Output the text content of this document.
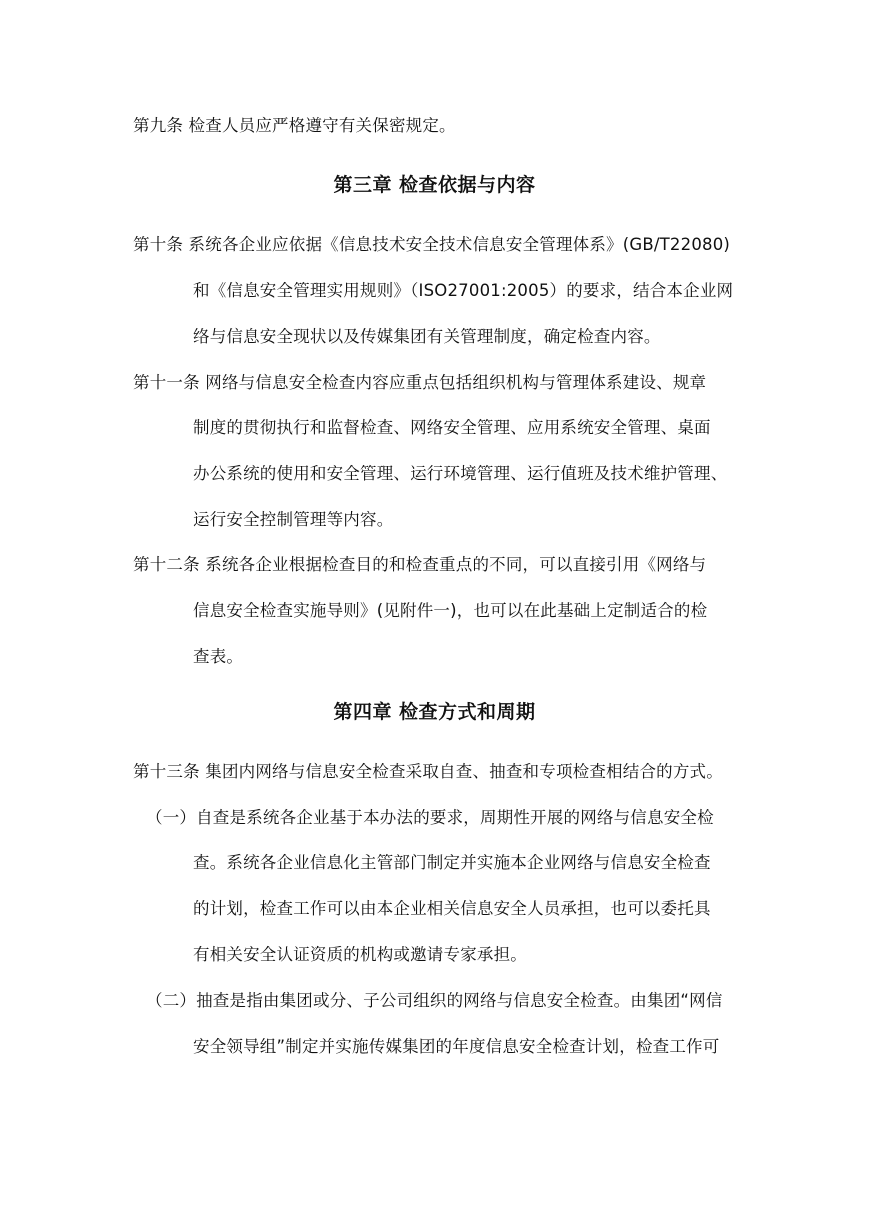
第九条 检查人员应严格遵守有关保密规定。
第三章 检查依据与内容
第十条 系统各企业应依据《信息技术安全技术信息安全管理体系》(GB/T22080)
和《信息安全管理实用规则》（ISO27001:2005）的要求，结合本企业网
络与信息安全现状以及传媒集团有关管理制度，确定检查内容。
第十一条 网络与信息安全检查内容应重点包括组织机构与管理体系建设、规章
制度的贯彻执行和监督检查、网络安全管理、应用系统安全管理、桌面
办公系统的使用和安全管理、运行环境管理、运行值班及技术维护管理、
运行安全控制管理等内容。
第十二条 系统各企业根据检查目的和检查重点的不同，可以直接引用《网络与
信息安全检查实施导则》(见附件一)，也可以在此基础上定制适合的检
查表。
第四章 检查方式和周期
第十三条 集团内网络与信息安全检查采取自查、抽查和专项检查相结合的方式。
（一）自查是系统各企业基于本办法的要求，周期性开展的网络与信息安全检
查。系统各企业信息化主管部门制定并实施本企业网络与信息安全检查
的计划，检查工作可以由本企业相关信息安全人员承担，也可以委托具
有相关安全认证资质的机构或邀请专家承担。
（二）抽查是指由集团或分、子公司组织的网络与信息安全检查。由集团“网信
安全领导组”制定并实施传媒集团的年度信息安全检查计划，检查工作可
